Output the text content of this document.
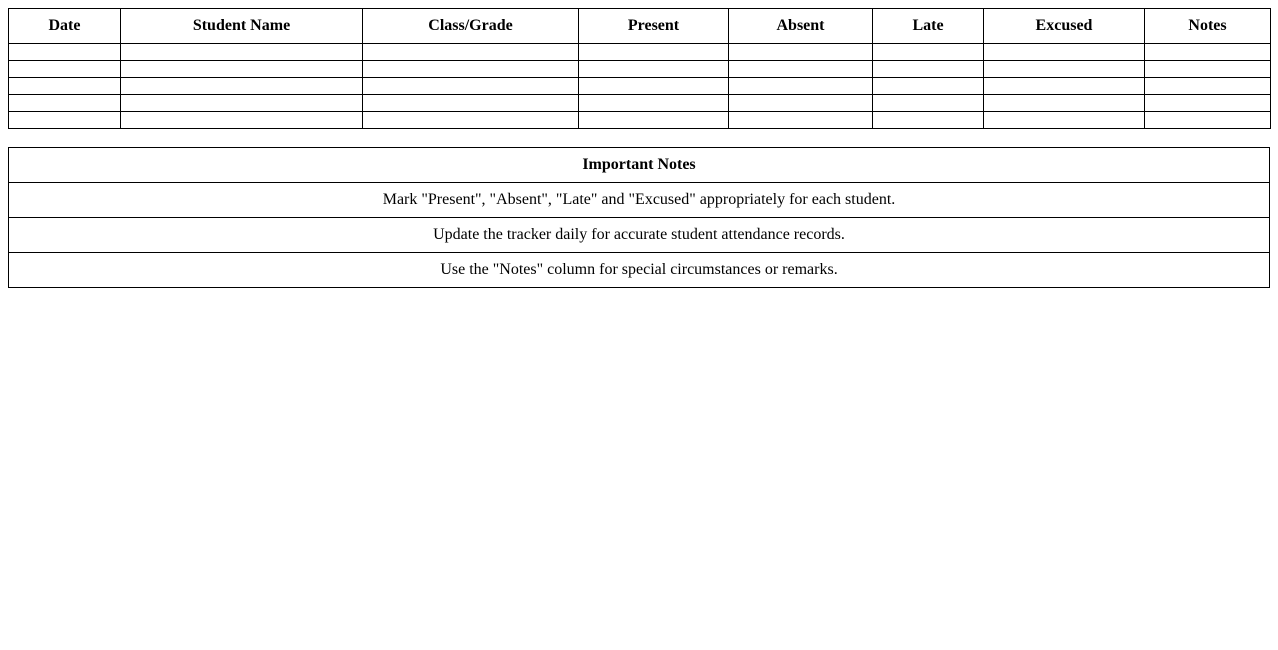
Date	Student Name	Class/Grade	Present	Absent	Late	Excused	Notes

Important Notes
Mark "Present", "Absent", "Late" and "Excused" appropriately for each student.
Update the tracker daily for accurate student attendance records.
Use the "Notes" column for special circumstances or remarks.
